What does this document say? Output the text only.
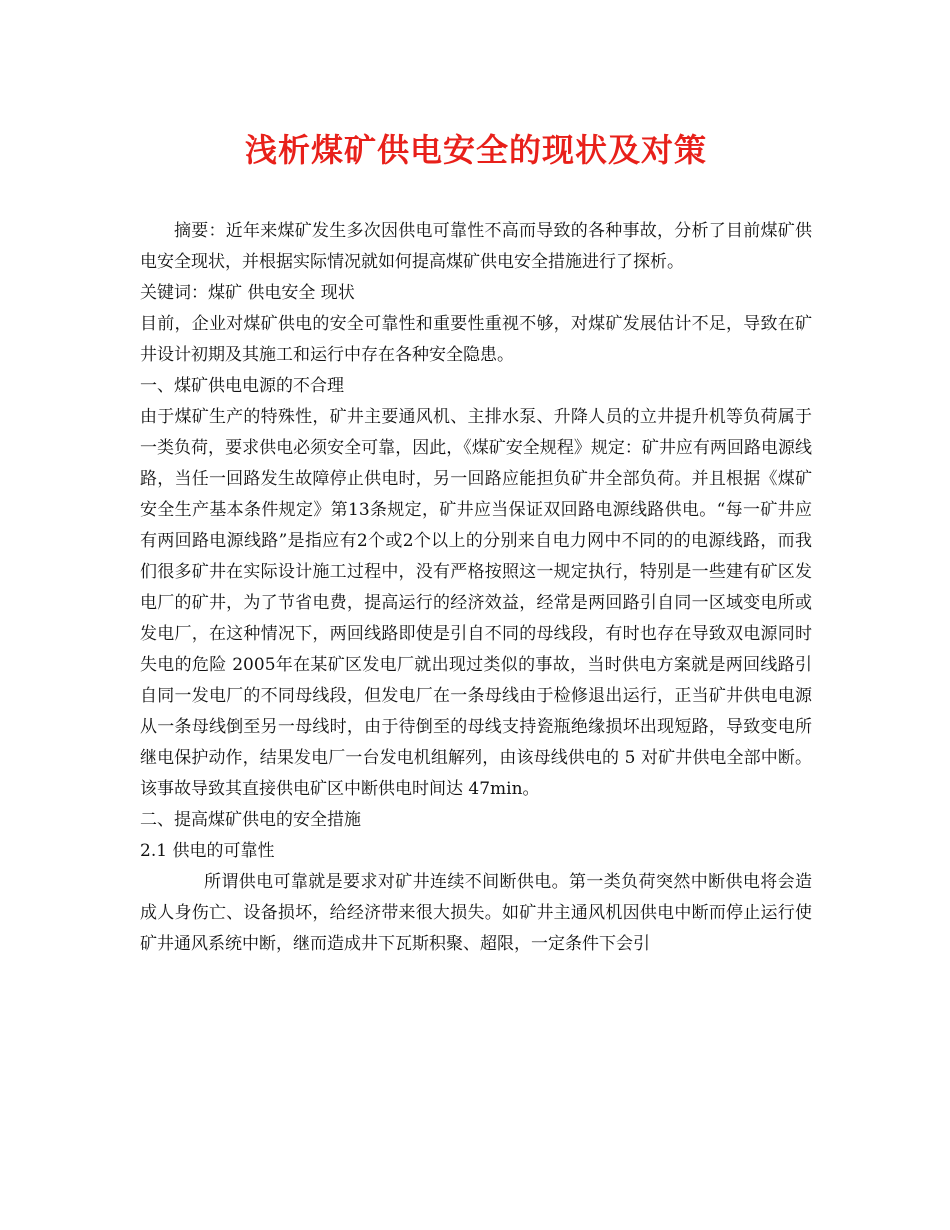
浅析煤矿供电安全的现状及对策

摘要：近年来煤矿发生多次因供电可靠性不高而导致的各种事故，分析了目前煤矿供电安全现状，并根据实际情况就如何提高煤矿供电安全措施进行了探析。

关键词：煤矿 供电安全 现状

目前，企业对煤矿供电的安全可靠性和重要性重视不够，对煤矿发展估计不足，导致在矿井设计初期及其施工和运行中存在各种安全隐患。

一、煤矿供电电源的不合理

由于煤矿生产的特殊性，矿井主要通风机、主排水泵、升降人员的立井提升机等负荷属于一类负荷，要求供电必须安全可靠，因此，《煤矿安全规程》规定：矿井应有两回路电源线路，当任一回路发生故障停止供电时，另一回路应能担负矿井全部负荷。并且根据《煤矿安全生产基本条件规定》第13条规定，矿井应当保证双回路电源线路供电。“每一矿井应有两回路电源线路”是指应有2个或2个以上的分别来自电力网中不同的的电源线路，而我们很多矿井在实际设计施工过程中，没有严格按照这一规定执行，特别是一些建有矿区发电厂的矿井，为了节省电费，提高运行的经济效益，经常是两回路引自同一区域变电所或发电厂，在这种情况下，两回线路即使是引自不同的母线段，有时也存在导致双电源同时失电的危险 2005年在某矿区发电厂就出现过类似的事故，当时供电方案就是两回线路引自同一发电厂的不同母线段，但发电厂在一条母线由于检修退出运行，正当矿井供电电源从一条母线倒至另一母线时，由于待倒至的母线支持瓷瓶绝缘损坏出现短路，导致变电所继电保护动作，结果发电厂一台发电机组解列，由该母线供电的 5 对矿井供电全部中断。该事故导致其直接供电矿区中断供电时间达 47min。

二、提高煤矿供电的安全措施
2.1 供电的可靠性

所谓供电可靠就是要求对矿井连续不间断供电。第一类负荷突然中断供电将会造成人身伤亡、设备损坏，给经济带来很大损失。如矿井主通风机因供电中断而停止运行使矿井通风系统中断，继而造成井下瓦斯积聚、超限，一定条件下会引
